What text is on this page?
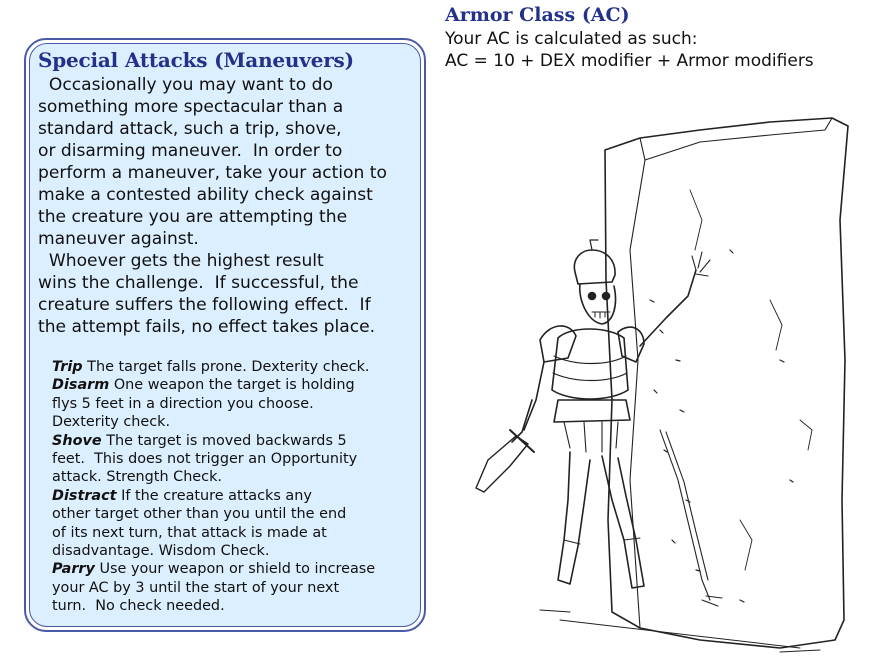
Special Attacks (Maneuvers)

Occasionally you may want to do
something more spectacular than a
standard attack, such a trip, shove,
or disarming maneuver.  In order to
perform a maneuver, take your action to
make a contested ability check against
the creature you are attempting the
maneuver against.
Whoever gets the highest result
wins the challenge.  If successful, the
creature suffers the following effect.  If
the attempt fails, no effect takes place.

Trip The target falls prone. Dexterity check.
Disarm One weapon the target is holding
flys 5 feet in a direction you choose.
Dexterity check.
Shove The target is moved backwards 5
feet.  This does not trigger an Opportunity
attack. Strength Check.
Distract If the creature attacks any
other target other than you until the end
of its next turn, that attack is made at
disadvantage. Wisdom Check.
Parry Use your weapon or shield to increase
your AC by 3 until the start of your next
turn.  No check needed.
Armor Class (AC)

Your AC is calculated as such:

AC = 10 + DEX modifier + Armor modifiers
